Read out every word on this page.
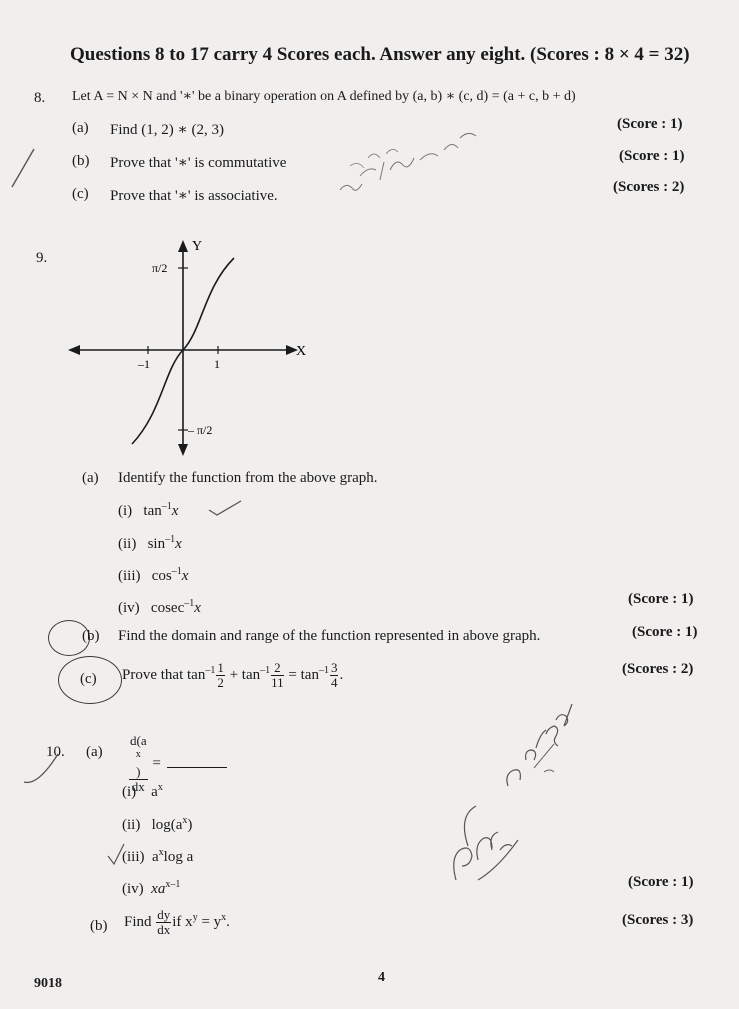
Questions 8 to 17 carry 4 Scores each. Answer any eight. (Scores : 8 × 4 = 32)
8. Let A = N × N and '∗' be a binary operation on A defined by (a, b) ∗ (c, d) = (a + c, b + d)
(a) Find (1, 2) ∗ (2, 3)	(Score : 1)
(b) Prove that '∗' is commutative	(Score : 1)
(c) Prove that '∗' is associative.
(Scores : 2)
9.
Y
X
π/2
– π/2
–1	1
(a) Identify the function from the above graph.
(i) $\tan^{-1}x$
(ii) $\sin^{-1}x$
(iii) $\cos^{-1}x$
(iv) cosec$^{-1}$x
(Score : 1)
(b) Find the domain and range of the function represented in above graph.	(Score : 1)
(c) Prove that $\tan^{-1} \frac{1}{2} + \tan^{-1} \frac{2}{11} = \tan^{-1} \frac{3}{4}$ .	(Scores : 2)
10. (a) d(a
$^x$
)
dx =
(i) $a^x$
(ii) $\log(a^x)$
(iii) $a^x\log$ a
(iv) $xa^{x-1}$	(Score : 1)
(b) Find $\frac{dy}{dx}$ if $x^y = y^x$.	(Scores : 3)
9018	4
